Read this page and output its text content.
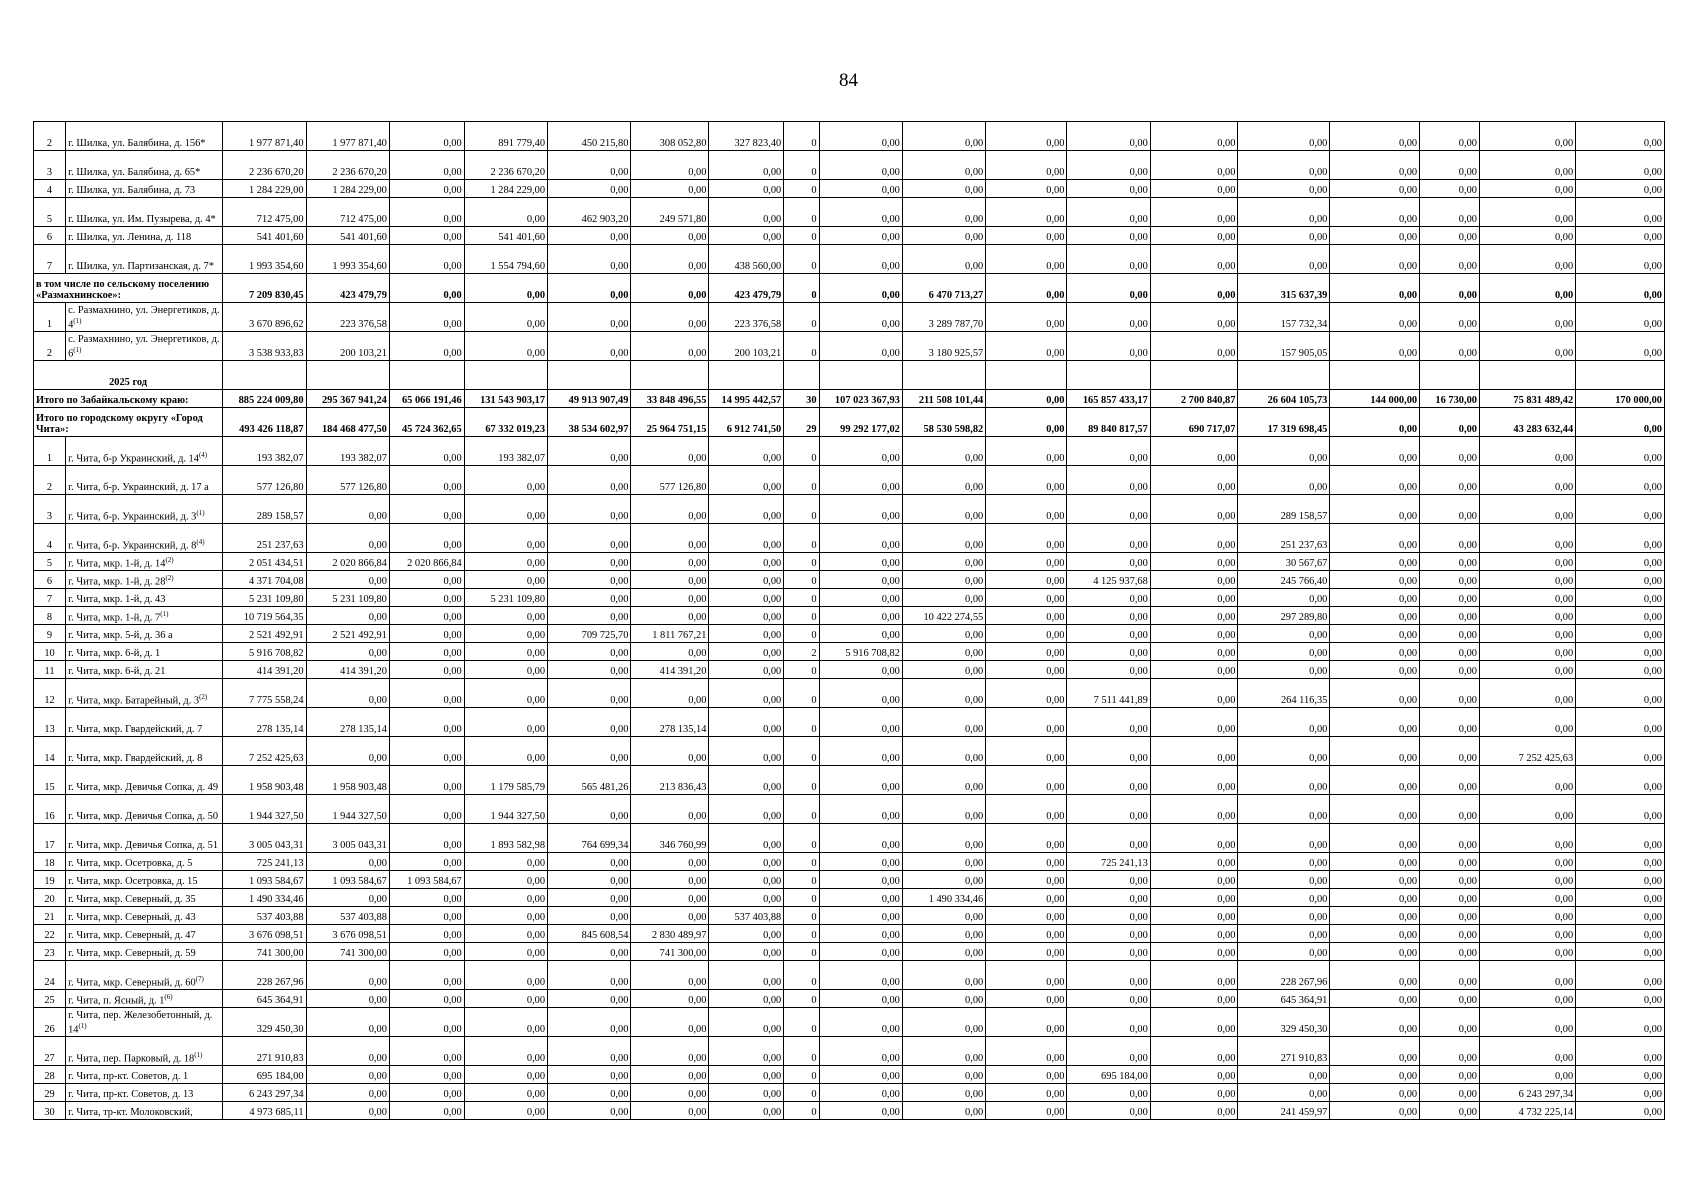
84
2	г. Шилка, ул. Балябина, д. 156*	1 977 871,40	1 977 871,40	0,00	891 779,40	450 215,80	308 052,80	327 823,40	0	0,00	0,00	0,00	0,00	0,00	0,00	0,00	0,00	0,00	0,00
3	г. Шилка, ул. Балябина, д. 65*	2 236 670,20	2 236 670,20	0,00	2 236 670,20	0,00	0,00	0,00	0	0,00	0,00	0,00	0,00	0,00	0,00	0,00	0,00	0,00	0,00
4	г. Шилка, ул. Балябина, д. 73	1 284 229,00	1 284 229,00	0,00	1 284 229,00	0,00	0,00	0,00	0	0,00	0,00	0,00	0,00	0,00	0,00	0,00	0,00	0,00	0,00
5	г. Шилка, ул. Им. Пузырева, д. 4*	712 475,00	712 475,00	0,00	0,00	462 903,20	249 571,80	0,00	0	0,00	0,00	0,00	0,00	0,00	0,00	0,00	0,00	0,00	0,00
6	г. Шилка, ул. Ленина, д. 118	541 401,60	541 401,60	0,00	541 401,60	0,00	0,00	0,00	0	0,00	0,00	0,00	0,00	0,00	0,00	0,00	0,00	0,00	0,00
7	г. Шилка, ул. Партизанская, д. 7*	1 993 354,60	1 993 354,60	0,00	1 554 794,60	0,00	0,00	438 560,00	0	0,00	0,00	0,00	0,00	0,00	0,00	0,00	0,00	0,00	0,00
в том числе по сельскому поселению «Размахнинское»:		7 209 830,45	423 479,79	0,00	0,00	0,00	0,00	423 479,79	0	0,00	6 470 713,27	0,00	0,00	0,00	315 637,39	0,00	0,00	0,00	0,00
1	с. Размахнино, ул. Энергетиков, д. 4$^{(1)}$	3 670 896,62	223 376,58	0,00	0,00	0,00	0,00	223 376,58	0	0,00	3 289 787,70	0,00	0,00	0,00	157 732,34	0,00	0,00	0,00	0,00
2	с. Размахнино, ул. Энергетиков, д. 6$^{(1)}$	3 538 933,83	200 103,21	0,00	0,00	0,00	0,00	200 103,21	0	0,00	3 180 925,57	0,00	0,00	0,00	157 905,05	0,00	0,00	0,00	0,00
2025 год																			
Итого по Забайкальскому краю:		885 224 009,80	295 367 941,24	65 066 191,46	131 543 903,17	49 913 907,49	33 848 496,55	14 995 442,57	30	107 023 367,93	211 508 101,44	0,00	165 857 433,17	2 700 840,87	26 604 105,73	144 000,00	16 730,00	75 831 489,42	170 000,00
Итого по городскому округу «Город Чита»:		493 426 118,87	184 468 477,50	45 724 362,65	67 332 019,23	38 534 602,97	25 964 751,15	6 912 741,50	29	99 292 177,02	58 530 598,82	0,00	89 840 817,57	690 717,07	17 319 698,45	0,00	0,00	43 283 632,44	0,00
1	г. Чита, б-р Украинский, д. 14$^{(4)}$	193 382,07	193 382,07	0,00	193 382,07	0,00	0,00	0,00	0	0,00	0,00	0,00	0,00	0,00	0,00	0,00	0,00	0,00	0,00
2	г. Чита, б-р. Украинский, д. 17 а	577 126,80	577 126,80	0,00	0,00	0,00	577 126,80	0,00	0	0,00	0,00	0,00	0,00	0,00	0,00	0,00	0,00	0,00	0,00
3	г. Чита, б-р. Украинский, д. 3$^{(1)}$	289 158,57	0,00	0,00	0,00	0,00	0,00	0,00	0	0,00	0,00	0,00	0,00	0,00	289 158,57	0,00	0,00	0,00	0,00
4	г. Чита, б-р. Украинский, д. 8$^{(4)}$	251 237,63	0,00	0,00	0,00	0,00	0,00	0,00	0	0,00	0,00	0,00	0,00	0,00	251 237,63	0,00	0,00	0,00	0,00
5	г. Чита, мкр. 1-й, д. 14$^{(2)}$	2 051 434,51	2 020 866,84	2 020 866,84	0,00	0,00	0,00	0,00	0	0,00	0,00	0,00	0,00	0,00	30 567,67	0,00	0,00	0,00	0,00
6	г. Чита, мкр. 1-й, д. 28$^{(2)}$	4 371 704,08	0,00	0,00	0,00	0,00	0,00	0,00	0	0,00	0,00	0,00	4 125 937,68	0,00	245 766,40	0,00	0,00	0,00	0,00
7	г. Чита, мкр. 1-й, д. 43	5 231 109,80	5 231 109,80	0,00	5 231 109,80	0,00	0,00	0,00	0	0,00	0,00	0,00	0,00	0,00	0,00	0,00	0,00	0,00	0,00
8	г. Чита, мкр. 1-й, д. 7$^{(1)}$	10 719 564,35	0,00	0,00	0,00	0,00	0,00	0,00	0	0,00	10 422 274,55	0,00	0,00	0,00	297 289,80	0,00	0,00	0,00	0,00
9	г. Чита, мкр. 5-й, д. 36 а	2 521 492,91	2 521 492,91	0,00	0,00	709 725,70	1 811 767,21	0,00	0	0,00	0,00	0,00	0,00	0,00	0,00	0,00	0,00	0,00	0,00
10	г. Чита, мкр. 6-й, д. 1	5 916 708,82	0,00	0,00	0,00	0,00	0,00	0,00	2	5 916 708,82	0,00	0,00	0,00	0,00	0,00	0,00	0,00	0,00	0,00
11	г. Чита, мкр. 6-й, д. 21	414 391,20	414 391,20	0,00	0,00	0,00	414 391,20	0,00	0	0,00	0,00	0,00	0,00	0,00	0,00	0,00	0,00	0,00	0,00
12	г. Чита, мкр. Батарейный, д. 3$^{(2)}$	7 775 558,24	0,00	0,00	0,00	0,00	0,00	0,00	0	0,00	0,00	0,00	7 511 441,89	0,00	264 116,35	0,00	0,00	0,00	0,00
13	г. Чита, мкр. Гвардейский, д. 7	278 135,14	278 135,14	0,00	0,00	0,00	278 135,14	0,00	0	0,00	0,00	0,00	0,00	0,00	0,00	0,00	0,00	0,00	0,00
14	г. Чита, мкр. Гвардейский, д. 8	7 252 425,63	0,00	0,00	0,00	0,00	0,00	0,00	0	0,00	0,00	0,00	0,00	0,00	0,00	0,00	0,00	7 252 425,63	0,00
15	г. Чита, мкр. Девичья Сопка, д. 49	1 958 903,48	1 958 903,48	0,00	1 179 585,79	565 481,26	213 836,43	0,00	0	0,00	0,00	0,00	0,00	0,00	0,00	0,00	0,00	0,00	0,00
16	г. Чита, мкр. Девичья Сопка, д. 50	1 944 327,50	1 944 327,50	0,00	1 944 327,50	0,00	0,00	0,00	0	0,00	0,00	0,00	0,00	0,00	0,00	0,00	0,00	0,00	0,00
17	г. Чита, мкр. Девичья Сопка, д. 51	3 005 043,31	3 005 043,31	0,00	1 893 582,98	764 699,34	346 760,99	0,00	0	0,00	0,00	0,00	0,00	0,00	0,00	0,00	0,00	0,00	0,00
18	г. Чита, мкр. Осетровка, д. 5	725 241,13	0,00	0,00	0,00	0,00	0,00	0,00	0	0,00	0,00	0,00	725 241,13	0,00	0,00	0,00	0,00	0,00	0,00
19	г. Чита, мкр. Осетровка, д. 15	1 093 584,67	1 093 584,67	1 093 584,67	0,00	0,00	0,00	0,00	0	0,00	0,00	0,00	0,00	0,00	0,00	0,00	0,00	0,00	0,00
20	г. Чита, мкр. Северный, д. 35	1 490 334,46	0,00	0,00	0,00	0,00	0,00	0,00	0	0,00	1 490 334,46	0,00	0,00	0,00	0,00	0,00	0,00	0,00	0,00
21	г. Чита, мкр. Северный, д. 43	537 403,88	537 403,88	0,00	0,00	0,00	0,00	537 403,88	0	0,00	0,00	0,00	0,00	0,00	0,00	0,00	0,00	0,00	0,00
22	г. Чита, мкр. Северный, д. 47	3 676 098,51	3 676 098,51	0,00	0,00	845 608,54	2 830 489,97	0,00	0	0,00	0,00	0,00	0,00	0,00	0,00	0,00	0,00	0,00	0,00
23	г. Чита, мкр. Северный, д. 59	741 300,00	741 300,00	0,00	0,00	0,00	741 300,00	0,00	0	0,00	0,00	0,00	0,00	0,00	0,00	0,00	0,00	0,00	0,00
24	г. Чита, мкр. Северный, д. 60$^{(7)}$	228 267,96	0,00	0,00	0,00	0,00	0,00	0,00	0	0,00	0,00	0,00	0,00	0,00	228 267,96	0,00	0,00	0,00	0,00
25	г. Чита, п. Ясный, д. 1$^{(6)}$	645 364,91	0,00	0,00	0,00	0,00	0,00	0,00	0	0,00	0,00	0,00	0,00	0,00	645 364,91	0,00	0,00	0,00	0,00
26	г. Чита, пер. Железобетонный, д. 14$^{(1)}$	329 450,30	0,00	0,00	0,00	0,00	0,00	0,00	0	0,00	0,00	0,00	0,00	0,00	329 450,30	0,00	0,00	0,00	0,00
27	г. Чита, пер. Парковый, д. 18$^{(1)}$	271 910,83	0,00	0,00	0,00	0,00	0,00	0,00	0	0,00	0,00	0,00	0,00	0,00	271 910,83	0,00	0,00	0,00	0,00
28	г. Чита, пр-кт. Советов, д. 1	695 184,00	0,00	0,00	0,00	0,00	0,00	0,00	0	0,00	0,00	0,00	695 184,00	0,00	0,00	0,00	0,00	0,00	0,00
29	г. Чита, пр-кт. Советов, д. 13	6 243 297,34	0,00	0,00	0,00	0,00	0,00	0,00	0	0,00	0,00	0,00	0,00	0,00	0,00	0,00	0,00	6 243 297,34	0,00
30	г. Чита, тр-кт. Молоковский,	4 973 685,11	0,00	0,00	0,00	0,00	0,00	0,00	0	0,00	0,00	0,00	0,00	0,00	241 459,97	0,00	0,00	4 732 225,14	0,00
